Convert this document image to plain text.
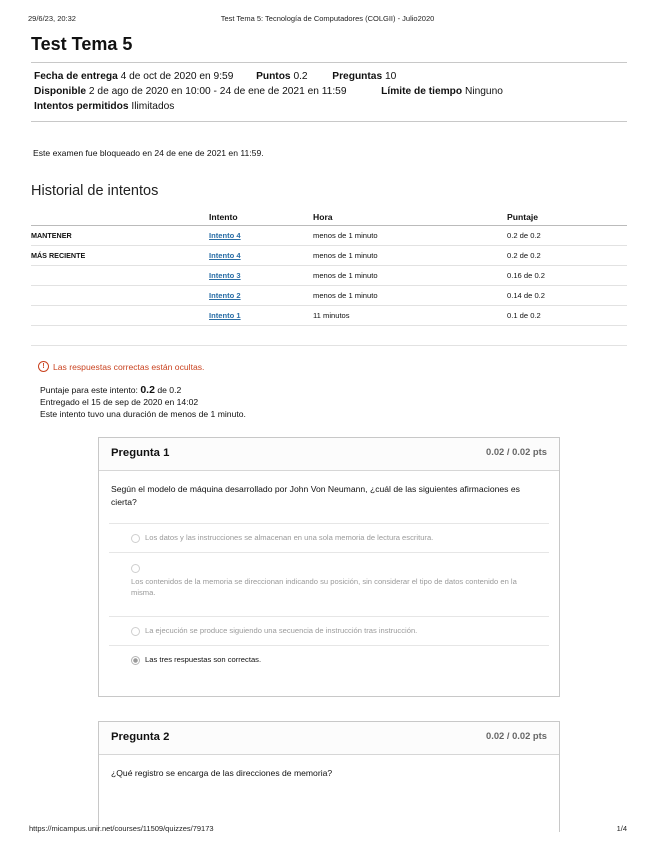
29/6/23, 20:32	Test Tema 5: Tecnología de Computadores (COLGII) - Julio2020
Test Tema 5
Fecha de entrega 4 de oct de 2020 en 9:59 Puntos 0.2 Preguntas 10
Disponible 2 de ago de 2020 en 10:00 - 24 de ene de 2021 en 11:59	Límite de tiempo Ninguno
Intentos permitidos Ilimitados
Este examen fue bloqueado en 24 de ene de 2021 en 11:59.
Historial de intentos
	Intento	Hora	Puntaje
MANTENER	Intento 4	menos de 1 minuto	0.2 de 0.2
MÁS RECIENTE	Intento 4	menos de 1 minuto	0.2 de 0.2
	Intento 3	menos de 1 minuto	0.16 de 0.2
	Intento 2	menos de 1 minuto	0.14 de 0.2
	Intento 1	11 minutos	0.1 de 0.2

! Las respuestas correctas están ocultas.
Puntaje para este intento: 0.2 de 0.2
Entregado el 15 de sep de 2020 en 14:02
Este intento tuvo una duración de menos de 1 minuto.
Pregunta 1	0.02 / 0.02 pts
Según el modelo de máquina desarrollado por John Von Neumann, ¿cuál de las siguientes afirmaciones es cierta?
Los datos y las instrucciones se almacenan en una sola memoria de lectura escritura.
Los contenidos de la memoria se direccionan indicando su posición, sin considerar el tipo de datos contenido en la misma.
La ejecución se produce siguiendo una secuencia de instrucción tras instrucción.
Las tres respuestas son correctas.
Pregunta 2	0.02 / 0.02 pts
¿Qué registro se encarga de las direcciones de memoria?
https://micampus.unir.net/courses/11509/quizzes/79173	1/4
